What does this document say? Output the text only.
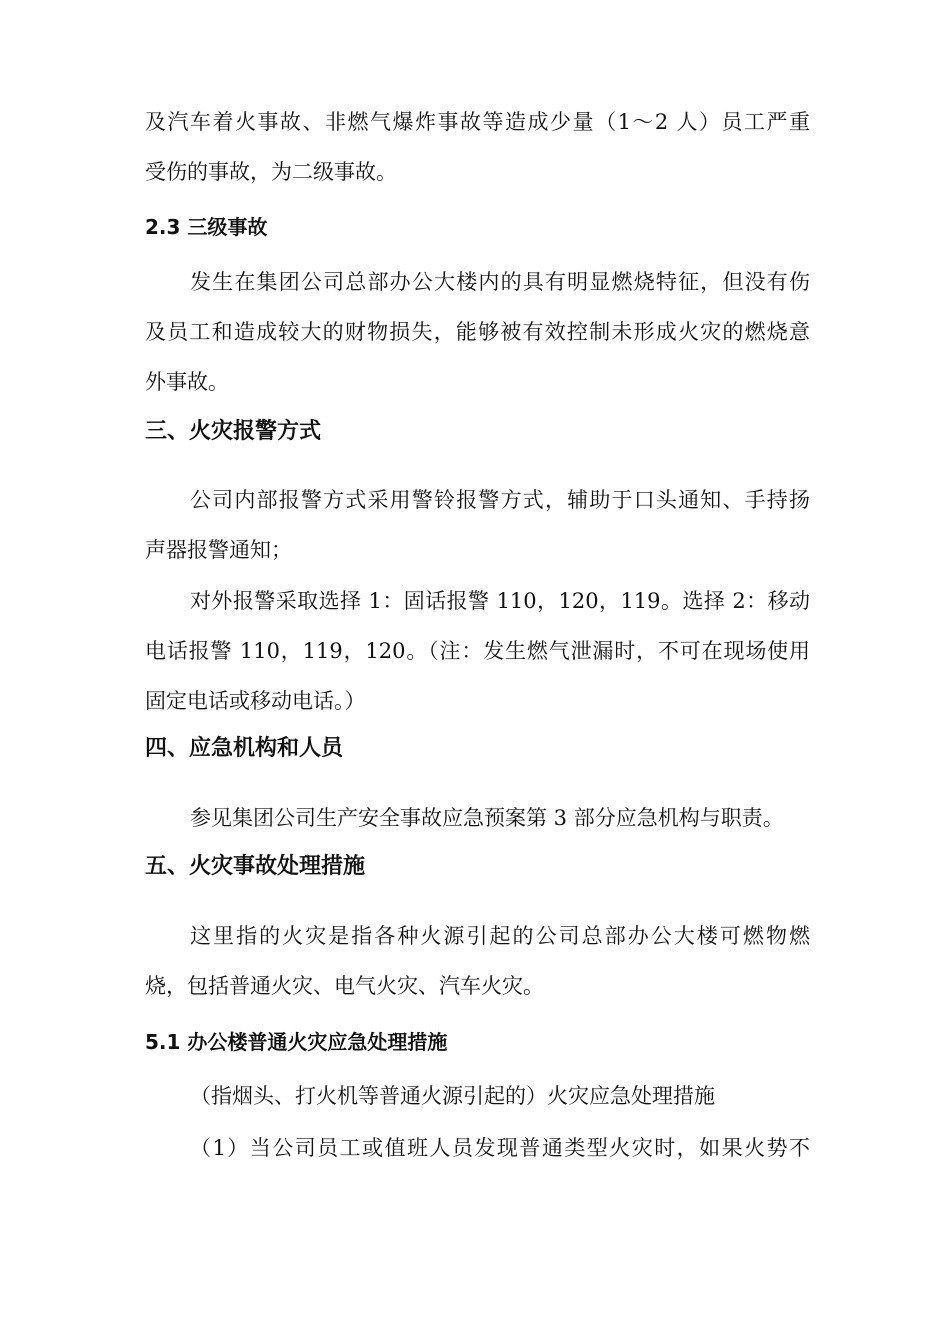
及汽车着火事故、非燃气爆炸事故等造成少量（1～2 人）员工严重
受伤的事故，为二级事故。
2.3 三级事故
发生在集团公司总部办公大楼内的具有明显燃烧特征，但没有伤
及员工和造成较大的财物损失，能够被有效控制未形成火灾的燃烧意
外事故。
三、火灾报警方式
公司内部报警方式采用警铃报警方式，辅助于口头通知、手持扬
声器报警通知；
对外报警采取选择 1：固话报警 110，120，119。选择 2：移动
电话报警 110，119，120。（注：发生燃气泄漏时，不可在现场使用
固定电话或移动电话。）
四、应急机构和人员
参见集团公司生产安全事故应急预案第 3 部分应急机构与职责。
五、火灾事故处理措施
这里指的火灾是指各种火源引起的公司总部办公大楼可燃物燃
烧，包括普通火灾、电气火灾、汽车火灾。
5.1 办公楼普通火灾应急处理措施
（指烟头、打火机等普通火源引起的）火灾应急处理措施
（1）当公司员工或值班人员发现普通类型火灾时，如果火势不
